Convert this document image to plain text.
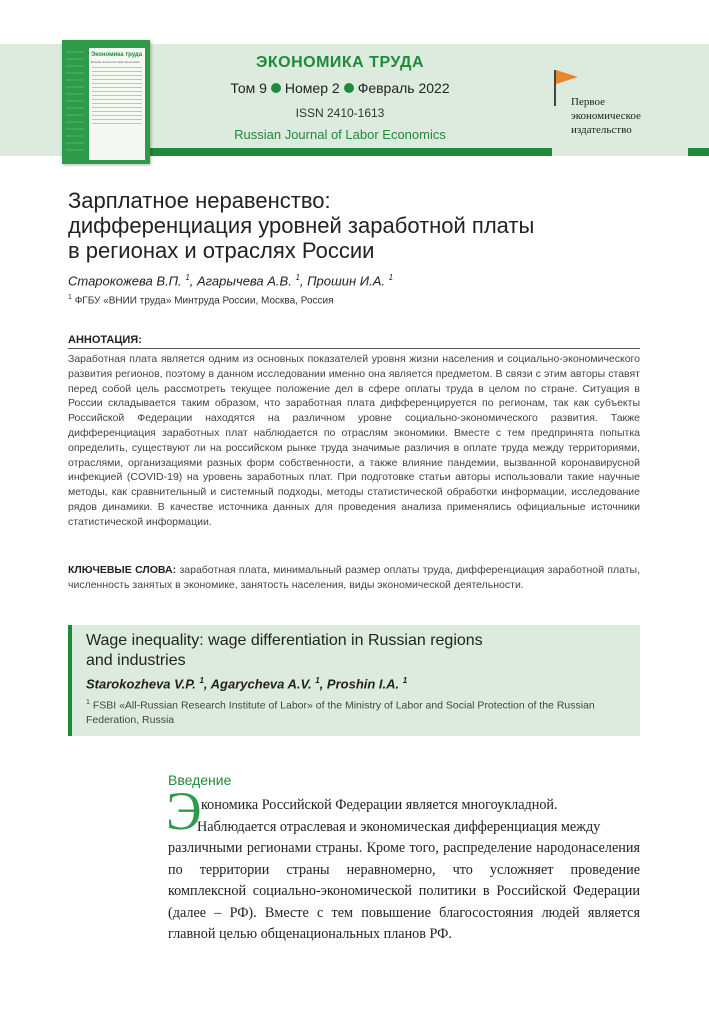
Экономика труда
Russian Journal of Labor Economics	ЭКОНОМИКА ТРУДА
Том 9 Номер 2 Февраль 2022
ISSN 2410-1613
Russian Journal of Labor Economics
Первое
экономическое
издательство
Зарплатное неравенство:
дифференциация уровней заработной платы
в регионах и отраслях России
Старокожева В.П. $^1$, Агарычева А.В. $^1$, Прошин И.А. $^1$
$^1$ ФГБУ «ВНИИ труда» Минтруда России, Москва, Россия
АННОТАЦИЯ:
Заработная плата является одним из основных показателей уровня жизни населения и социально-экономического развития регионов, поэтому в данном исследовании именно она является предметом. В связи с этим авторы ставят перед собой цель рассмотреть текущее положение дел в сфере оплаты труда в целом по стране. Ситуация в России складывается таким образом, что заработная плата дифференцируется по регионам, так как субъекты Российской Федерации находятся на различном уровне социально-экономического развития. Также дифференциация заработных плат наблюдается по отраслям экономики. Вместе с тем предпринята попытка определить, существуют ли на российском рынке труда значимые различия в оплате труда между территориями, отраслями, организациями разных форм собственности, а также влияние пандемии, вызванной коронавирусной инфекцией (COVID-19) на уровень заработных плат. При подготовке статьи авторы использовали такие научные методы, как сравнительный и системный подходы, методы статистической обработки информации, исследование рядов динамики. В качестве источника данных для проведения анализа применялись официальные источники статистической информации.
КЛЮЧЕВЫЕ СЛОВА: заработная плата, минимальный размер оплаты труда, дифференциация заработной платы, численность занятых в экономике, занятость населения, виды экономической деятельности.
Wage inequality: wage differentiation in Russian regions
and industries
Starokozheva V.P. $^1$, Agarycheva A.V. $^1$, Proshin I.A. $^1$
$^1$ FSBI «All-Russian Research Institute of Labor» of the Ministry of Labor and Social Protection of the Russian Federation, Russia
Введение
Э кономика Российской Федерации является многоукладной.
Наблюдается отраслевая и экономическая дифференциация между
различными регионами страны. Кроме того, распределение народонаселения по территории страны неравномерно, что усложняет проведение комплексной социально-экономической политики в Российской Федерации (далее – РФ). Вместе с тем повышение благосостояния людей является главной целью общенациональных планов РФ.
